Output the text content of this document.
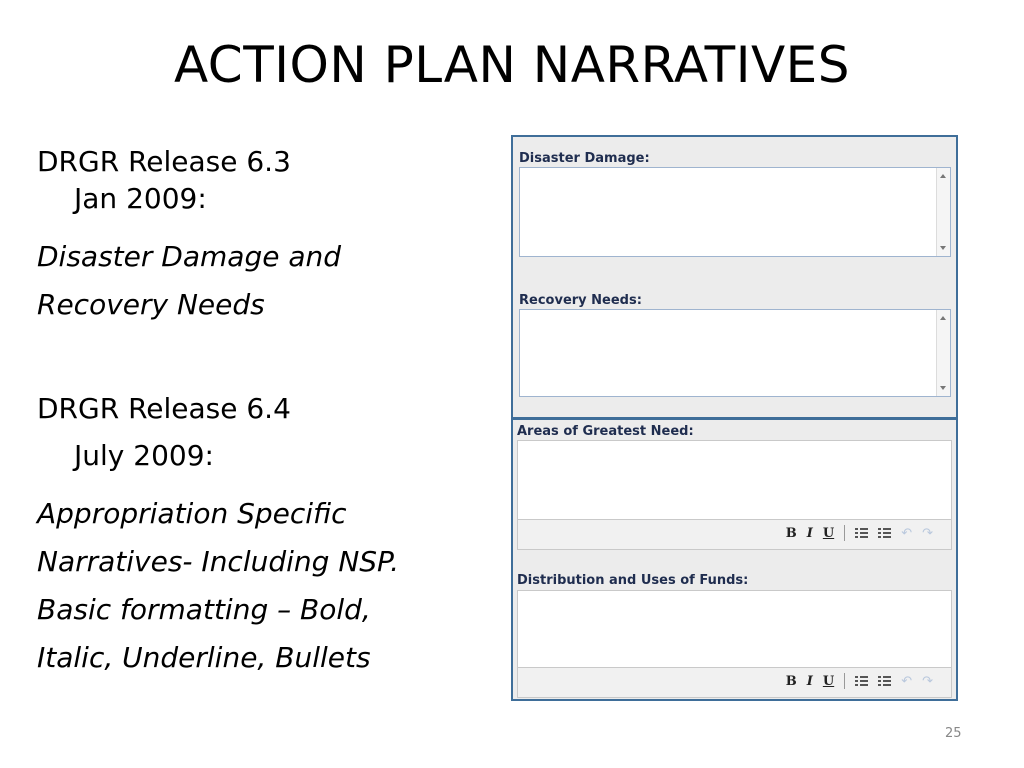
ACTION PLAN NARRATIVES

DRGR Release 6.3

Jan 2009:

Disaster Damage and

Recovery Needs

DRGR Release 6.4

July 2009:

Appropriation Specific

Narratives- Including NSP.

Basic formatting – Bold,

Italic, Underline, Bullets

Disaster Damage:
Recovery Needs:
Areas of Greatest Need:
B I U	↶ ↷
Distribution and Uses of Funds:
B I U	↶ ↷
25
